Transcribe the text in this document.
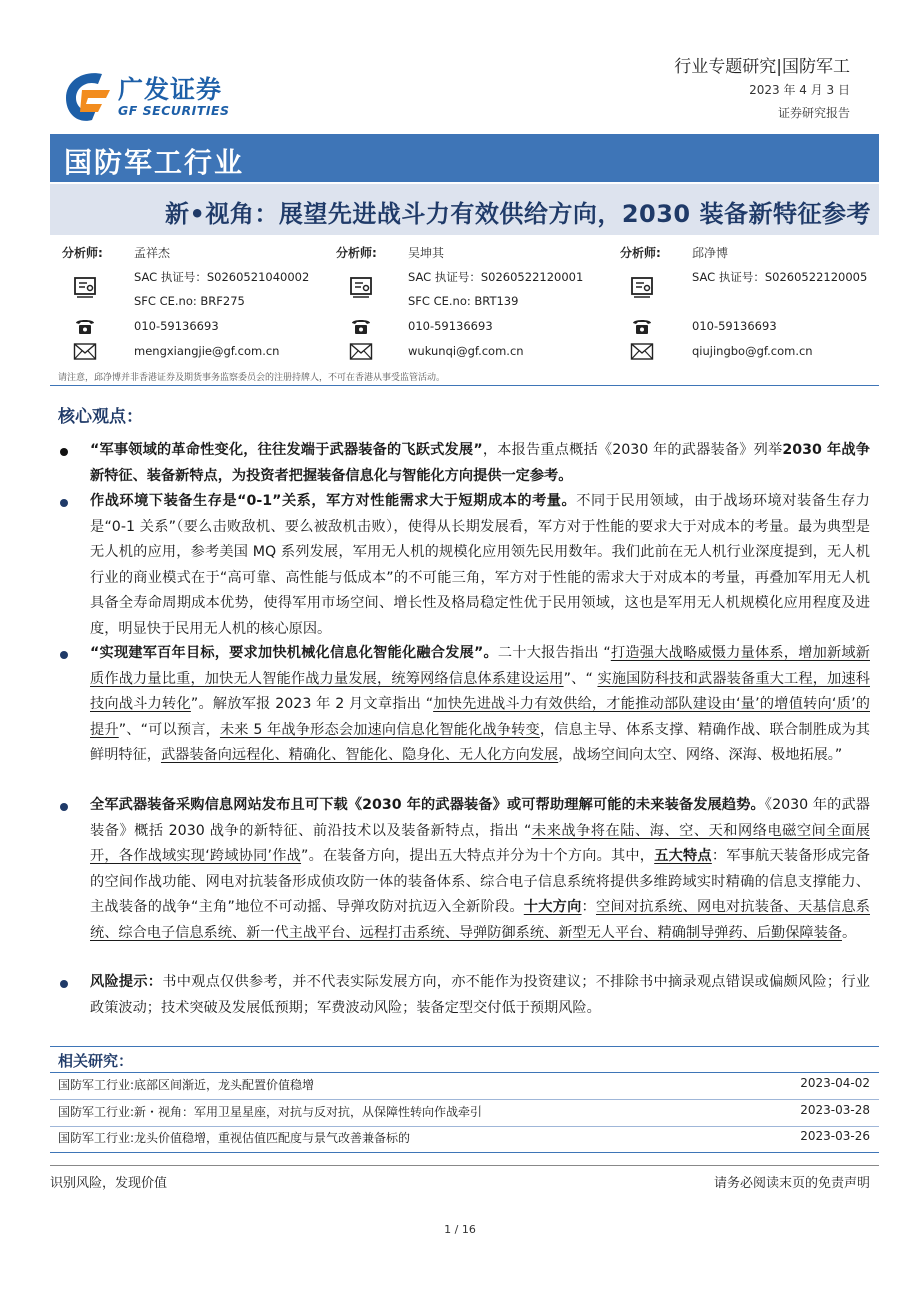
广发证券
GF SECURITIES
行业专题研究|国防军工
2023 年 4 月 3 日
证券研究报告
国防军工行业
新•视角：展望先进战斗力有效供给方向，2030 装备新特征参考
分析师:	孟祥杰
SAC 执证号：S0260521040002
SFC CE.no: BRF275
010-59136693
mengxiangjie@gf.com.cn
分析师:	吴坤其
SAC 执证号：S0260522120001
SFC CE.no: BRT139
010-59136693
wukunqi@gf.com.cn
分析师:	邱净博
SAC 执证号：S0260522120005
010-59136693
qiujingbo@gf.com.cn
请注意，邱净博并非香港证券及期货事务监察委员会的注册持牌人，不可在香港从事受监管活动。
核心观点：
“军事领域的革命性变化，往往发端于武器装备的飞跃式发展”，本报告重点概括《2030 年的武器装备》列举2030 年战争新特征、装备新特点，为投资者把握装备信息化与智能化方向提供一定参考。
作战环境下装备生存是“0-1”关系，军方对性能需求大于短期成本的考量。不同于民用领域，由于战场环境对装备生存力是“0-1 关系”（要么击败敌机、要么被敌机击败），使得从长期发展看，军方对于性能的要求大于对成本的考量。最为典型是无人机的应用，参考美国 MQ 系列发展，军用无人机的规模化应用领先民用数年。我们此前在无人机行业深度提到，无人机行业的商业模式在于“高可靠、高性能与低成本”的不可能三角，军方对于性能的需求大于对成本的考量，再叠加军用无人机具备全寿命周期成本优势，使得军用市场空间、增长性及格局稳定性优于民用领域，这也是军用无人机规模化应用程度及进度，明显快于民用无人机的核心原因。
“实现建军百年目标，要求加快机械化信息化智能化融合发展”。二十大报告指出 “打造强大战略威慑力量体系，增加新域新质作战力量比重，加快无人智能作战力量发展，统筹网络信息体系建设运用”、“ 实施国防科技和武器装备重大工程，加速科技向战斗力转化”。解放军报 2023 年 2 月文章指出 “加快先进战斗力有效供给，才能推动部队建设由‘量’的增值转向‘质’的提升”、“可以预言，未来 5 年战争形态会加速向信息化智能化战争转变，信息主导、体系支撑、精确作战、联合制胜成为其鲜明特征，武器装备向远程化、精确化、智能化、隐身化、无人化方向发展，战场空间向太空、网络、深海、极地拓展。”
全军武器装备采购信息网站发布且可下载《2030 年的武器装备》或可帮助理解可能的未来装备发展趋势。《2030 年的武器装备》概括 2030 战争的新特征、前沿技术以及装备新特点，指出 “未来战争将在陆、海、空、天和网络电磁空间全面展开，各作战域实现‘跨域协同’作战”。在装备方向，提出五大特点并分为十个方向。其中，五大特点：军事航天装备形成完备的空间作战功能、网电对抗装备形成侦攻防一体的装备体系、综合电子信息系统将提供多维跨域实时精确的信息支撑能力、主战装备的战争“主角”地位不可动摇、导弹攻防对抗迈入全新阶段。十大方向：空间对抗系统、网电对抗装备、天基信息系统、综合电子信息系统、新一代主战平台、远程打击系统、导弹防御系统、新型无人平台、精确制导弹药、后勤保障装备。
风险提示：书中观点仅供参考，并不代表实际发展方向，亦不能作为投资建议；不排除书中摘录观点错误或偏颇风险；行业政策波动；技术突破及发展低预期；军费波动风险；装备定型交付低于预期风险。
相关研究：
国防军工行业:底部区间渐近，龙头配置价值稳增	2023-04-02
国防军工行业:新・视角：军用卫星星座，对抗与反对抗，从保障性转向作战牵引	2023-03-28
国防军工行业:龙头价值稳增，重视估值匹配度与景气改善兼备标的	2023-03-26
识别风险，发现价值	请务必阅读末页的免责声明
1 / 16
